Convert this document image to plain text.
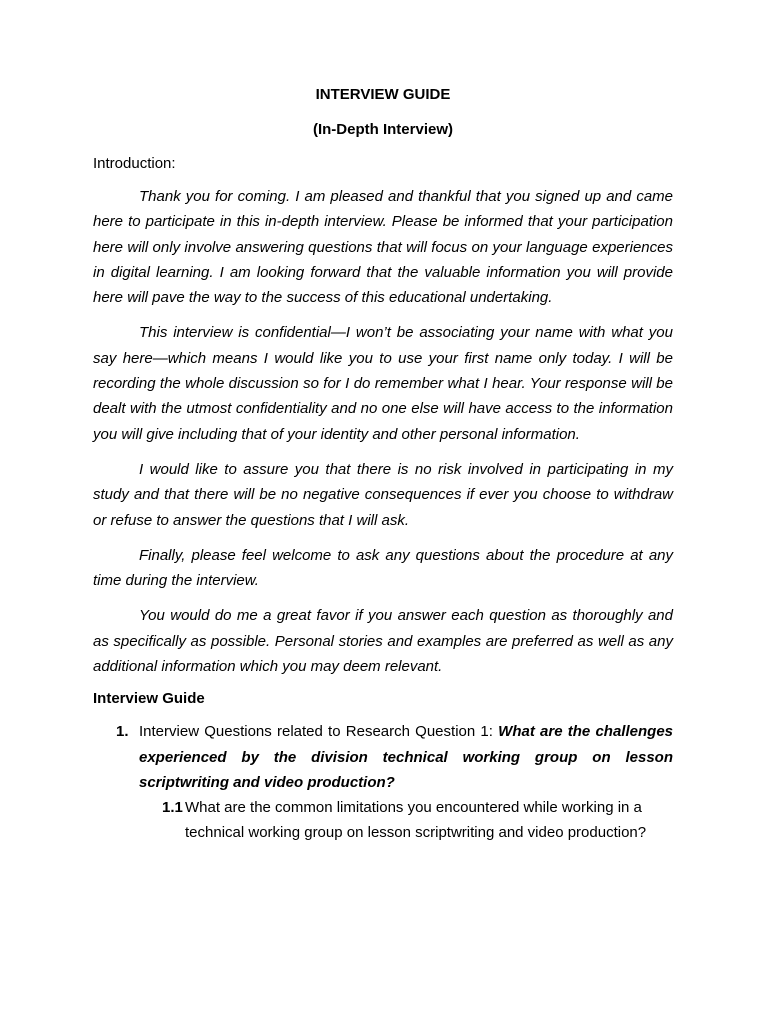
INTERVIEW GUIDE

(In-Depth Interview)

Introduction:

Thank you for coming. I am pleased and thankful that you signed up and came here to participate in this in-depth interview. Please be informed that your participation here will only involve answering questions that will focus on your language experiences in digital learning. I am looking forward that the valuable information you will provide here will pave the way to the success of this educational undertaking.

This interview is confidential—I won’t be associating your name with what you say here—which means I would like you to use your first name only today. I will be recording the whole discussion so for I do remember what I hear. Your response will be dealt with the utmost confidentiality and no one else will have access to the information you will give including that of your identity and other personal information.

I would like to assure you that there is no risk involved in participating in my study and that there will be no negative consequences if ever you choose to withdraw or refuse to answer the questions that I will ask.

Finally, please feel welcome to ask any questions about the procedure at any time during the interview.

You would do me a great favor if you answer each question as thoroughly and as specifically as possible. Personal stories and examples are preferred as well as any additional information which you may deem relevant.

Interview Guide

1. Interview Questions related to Research Question 1: What are the challenges experienced by the division technical working group on lesson scriptwriting and video production?
1.1 What are the common limitations you encountered while working in a technical working group on lesson scriptwriting and video production?
